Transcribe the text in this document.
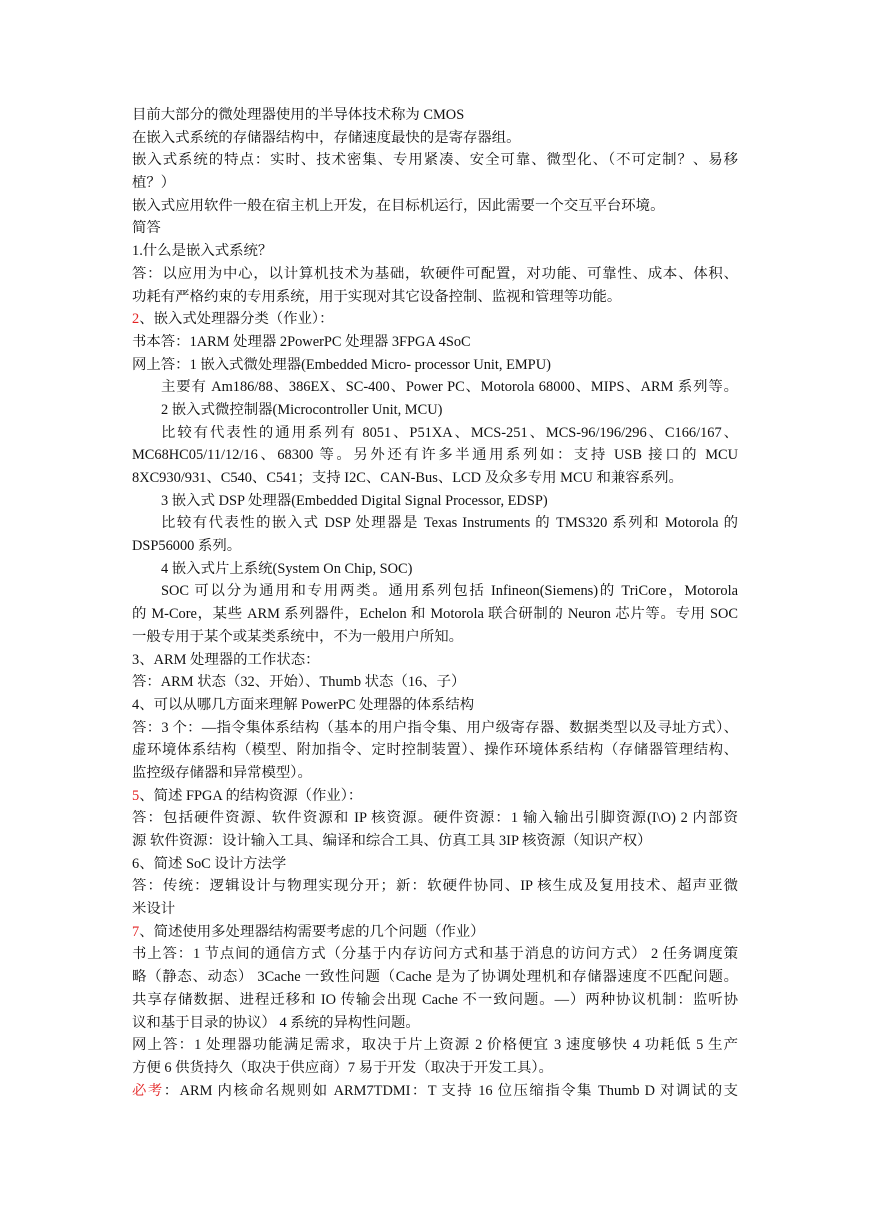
目前大部分的微处理器使用的半导体技术称为 CMOS
在嵌入式系统的存储器结构中，存储速度最快的是寄存器组。
嵌入式系统的特点：实时、技术密集、专用紧凑、安全可靠、微型化、（不可定制？、易移
植？）
嵌入式应用软件一般在宿主机上开发，在目标机运行，因此需要一个交互平台环境。
简答
1.什么是嵌入式系统？
答：以应用为中心，以计算机技术为基础，软硬件可配置，对功能、可靠性、成本、体积、
功耗有严格约束的专用系统，用于实现对其它设备控制、监视和管理等功能。
2、嵌入式处理器分类（作业）：
书本答：1ARM 处理器 2PowerPC 处理器 3FPGA 4SoC
网上答：1 嵌入式微处理器(Embedded Micro- processor Unit, EMPU)
主要有 Am186/88、386EX、SC-400、Power PC、Motorola 68000、MIPS、ARM 系列等。
2 嵌入式微控制器(Microcontroller Unit, MCU)
比较有代表性的通用系列有 8051、P51XA、MCS-251、MCS-96/196/296、C166/167、
MC68HC05/11/12/16、68300 等。另外还有许多半通用系列如：支持 USB 接口的 MCU
8XC930/931、C540、C541；支持 I2C、CAN-Bus、LCD 及众多专用 MCU 和兼容系列。
3 嵌入式 DSP 处理器(Embedded Digital Signal Processor, EDSP)
比较有代表性的嵌入式 DSP 处理器是 Texas Instruments 的 TMS320 系列和 Motorola 的
DSP56000 系列。
4 嵌入式片上系统(System On Chip, SOC)
SOC 可以分为通用和专用两类。通用系列包括 Infineon(Siemens)的 TriCore，Motorola
的 M-Core，某些 ARM 系列器件，Echelon 和 Motorola 联合研制的 Neuron 芯片等。专用 SOC
一般专用于某个或某类系统中，不为一般用户所知。
3、ARM 处理器的工作状态：
答：ARM 状态（32、开始）、Thumb 状态（16、子）
4、可以从哪几方面来理解 PowerPC 处理器的体系结构
答：3 个：—指令集体系结构（基本的用户指令集、用户级寄存器、数据类型以及寻址方式）、
虚环境体系结构（模型、附加指令、定时控制装置）、操作环境体系结构（存储器管理结构、
监控级存储器和异常模型）。
5、简述 FPGA 的结构资源（作业）：
答：包括硬件资源、软件资源和 IP 核资源。硬件资源：1 输入输出引脚资源(I\O) 2 内部资
源 软件资源：设计输入工具、编译和综合工具、仿真工具 3IP 核资源（知识产权）
6、简述 SoC 设计方法学
答：传统：逻辑设计与物理实现分开；新：软硬件协同、IP 核生成及复用技术、超声亚微
米设计
7、简述使用多处理器结构需要考虑的几个问题（作业）
书上答：1 节点间的通信方式（分基于内存访问方式和基于消息的访问方式） 2 任务调度策
略（静态、动态） 3Cache 一致性问题（Cache 是为了协调处理机和存储器速度不匹配问题。
共享存储数据、进程迁移和 IO 传输会出现 Cache 不一致问题。—）两种协议机制：监听协
议和基于目录的协议） 4 系统的异构性问题。
网上答：1 处理器功能满足需求，取决于片上资源 2 价格便宜 3 速度够快 4 功耗低 5 生产
方便 6 供货持久（取决于供应商）7 易于开发（取决于开发工具）。
必考：ARM 内核命名规则如 ARM7TDMI：T 支持 16 位压缩指令集 Thumb D 对调试的支
